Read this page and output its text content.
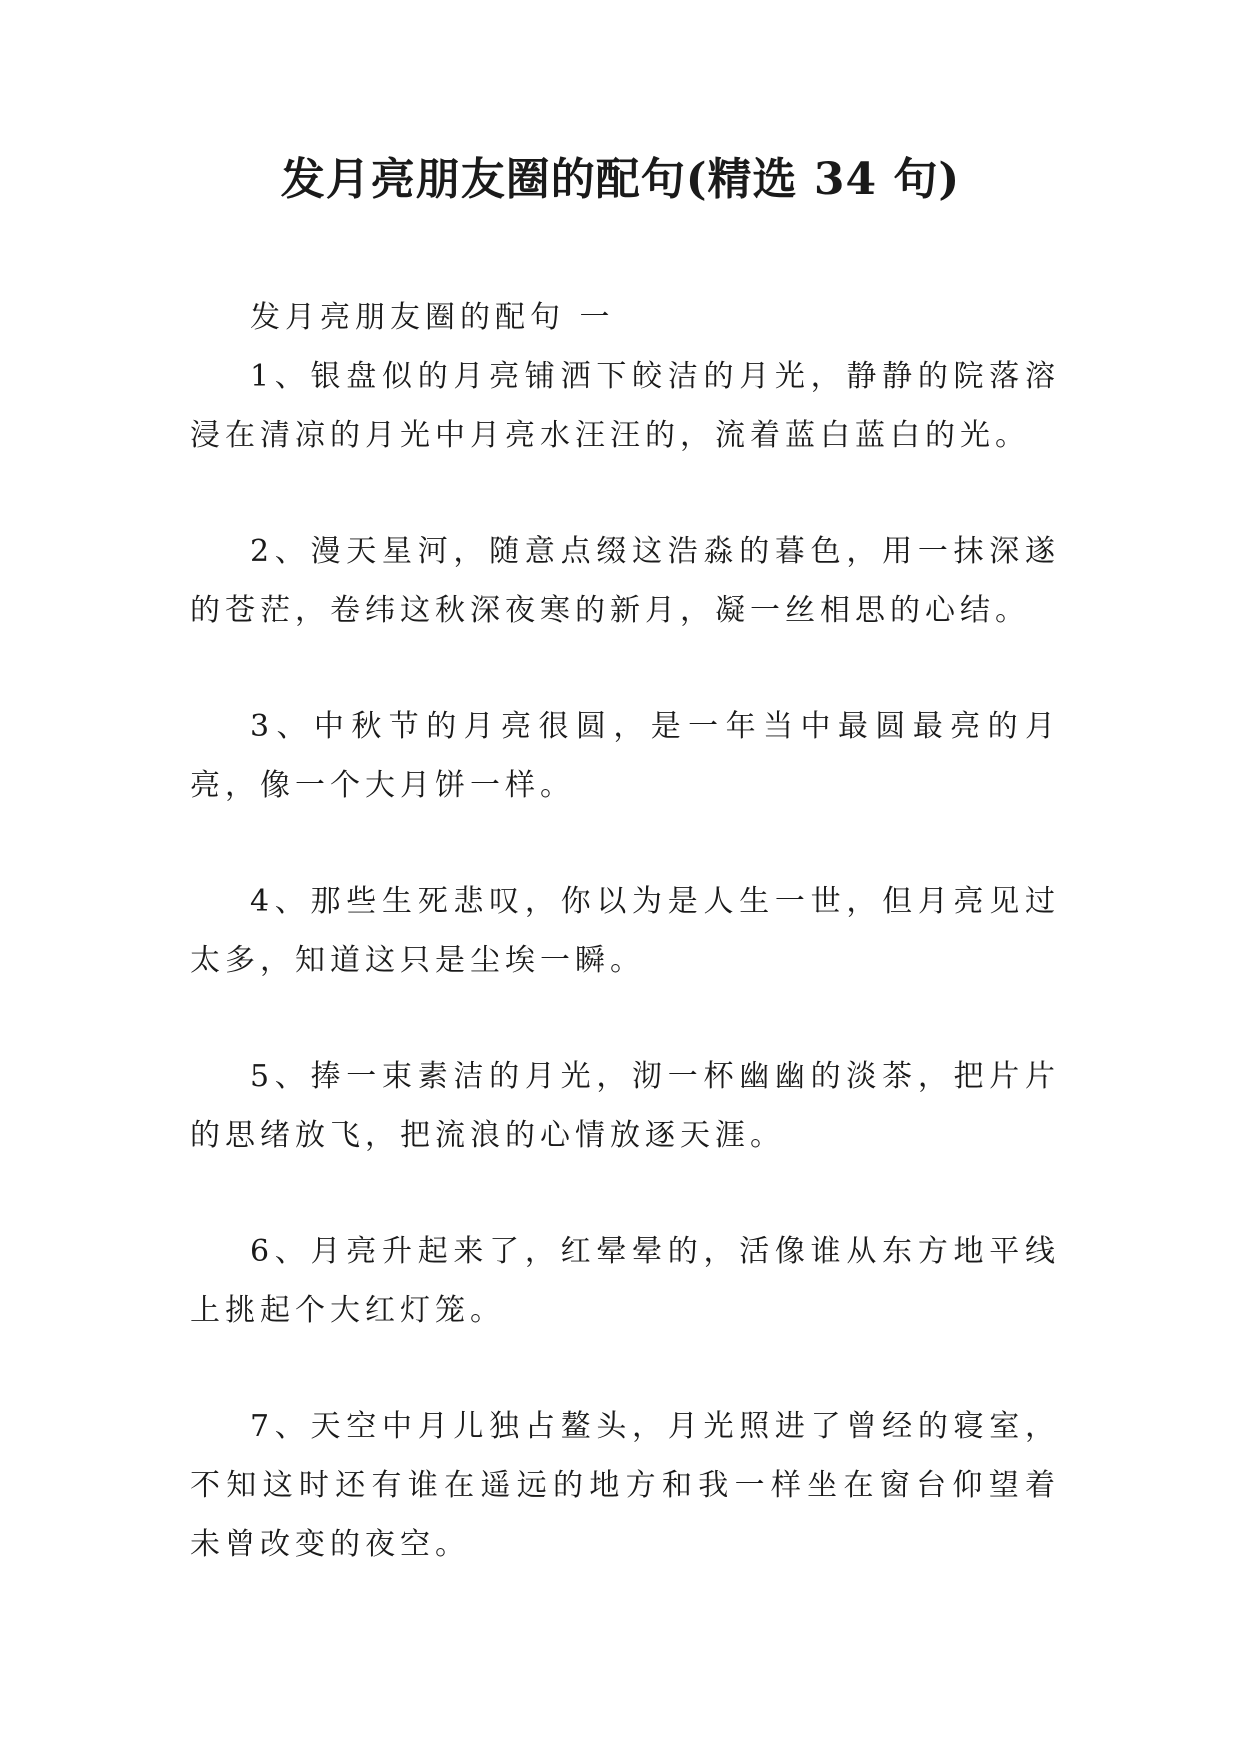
发月亮朋友圈的配句(精选 34 句)

发月亮朋友圈的配句 一

1、银盘似的月亮铺洒下皎洁的月光，静静的院落溶浸在清凉的月光中月亮水汪汪的，流着蓝白蓝白的光。

2、漫天星河，随意点缀这浩淼的暮色，用一抹深遂的苍茫，卷纬这秋深夜寒的新月，凝一丝相思的心结。

3、中秋节的月亮很圆，是一年当中最圆最亮的月亮，像一个大月饼一样。

4、那些生死悲叹，你以为是人生一世，但月亮见过太多，知道这只是尘埃一瞬。

5、捧一束素洁的月光，沏一杯幽幽的淡茶，把片片的思绪放飞，把流浪的心情放逐天涯。

6、月亮升起来了，红晕晕的，活像谁从东方地平线上挑起个大红灯笼。

7、天空中月儿独占鳌头，月光照进了曾经的寝室，不知这时还有谁在遥远的地方和我一样坐在窗台仰望着未曾改变的夜空。
